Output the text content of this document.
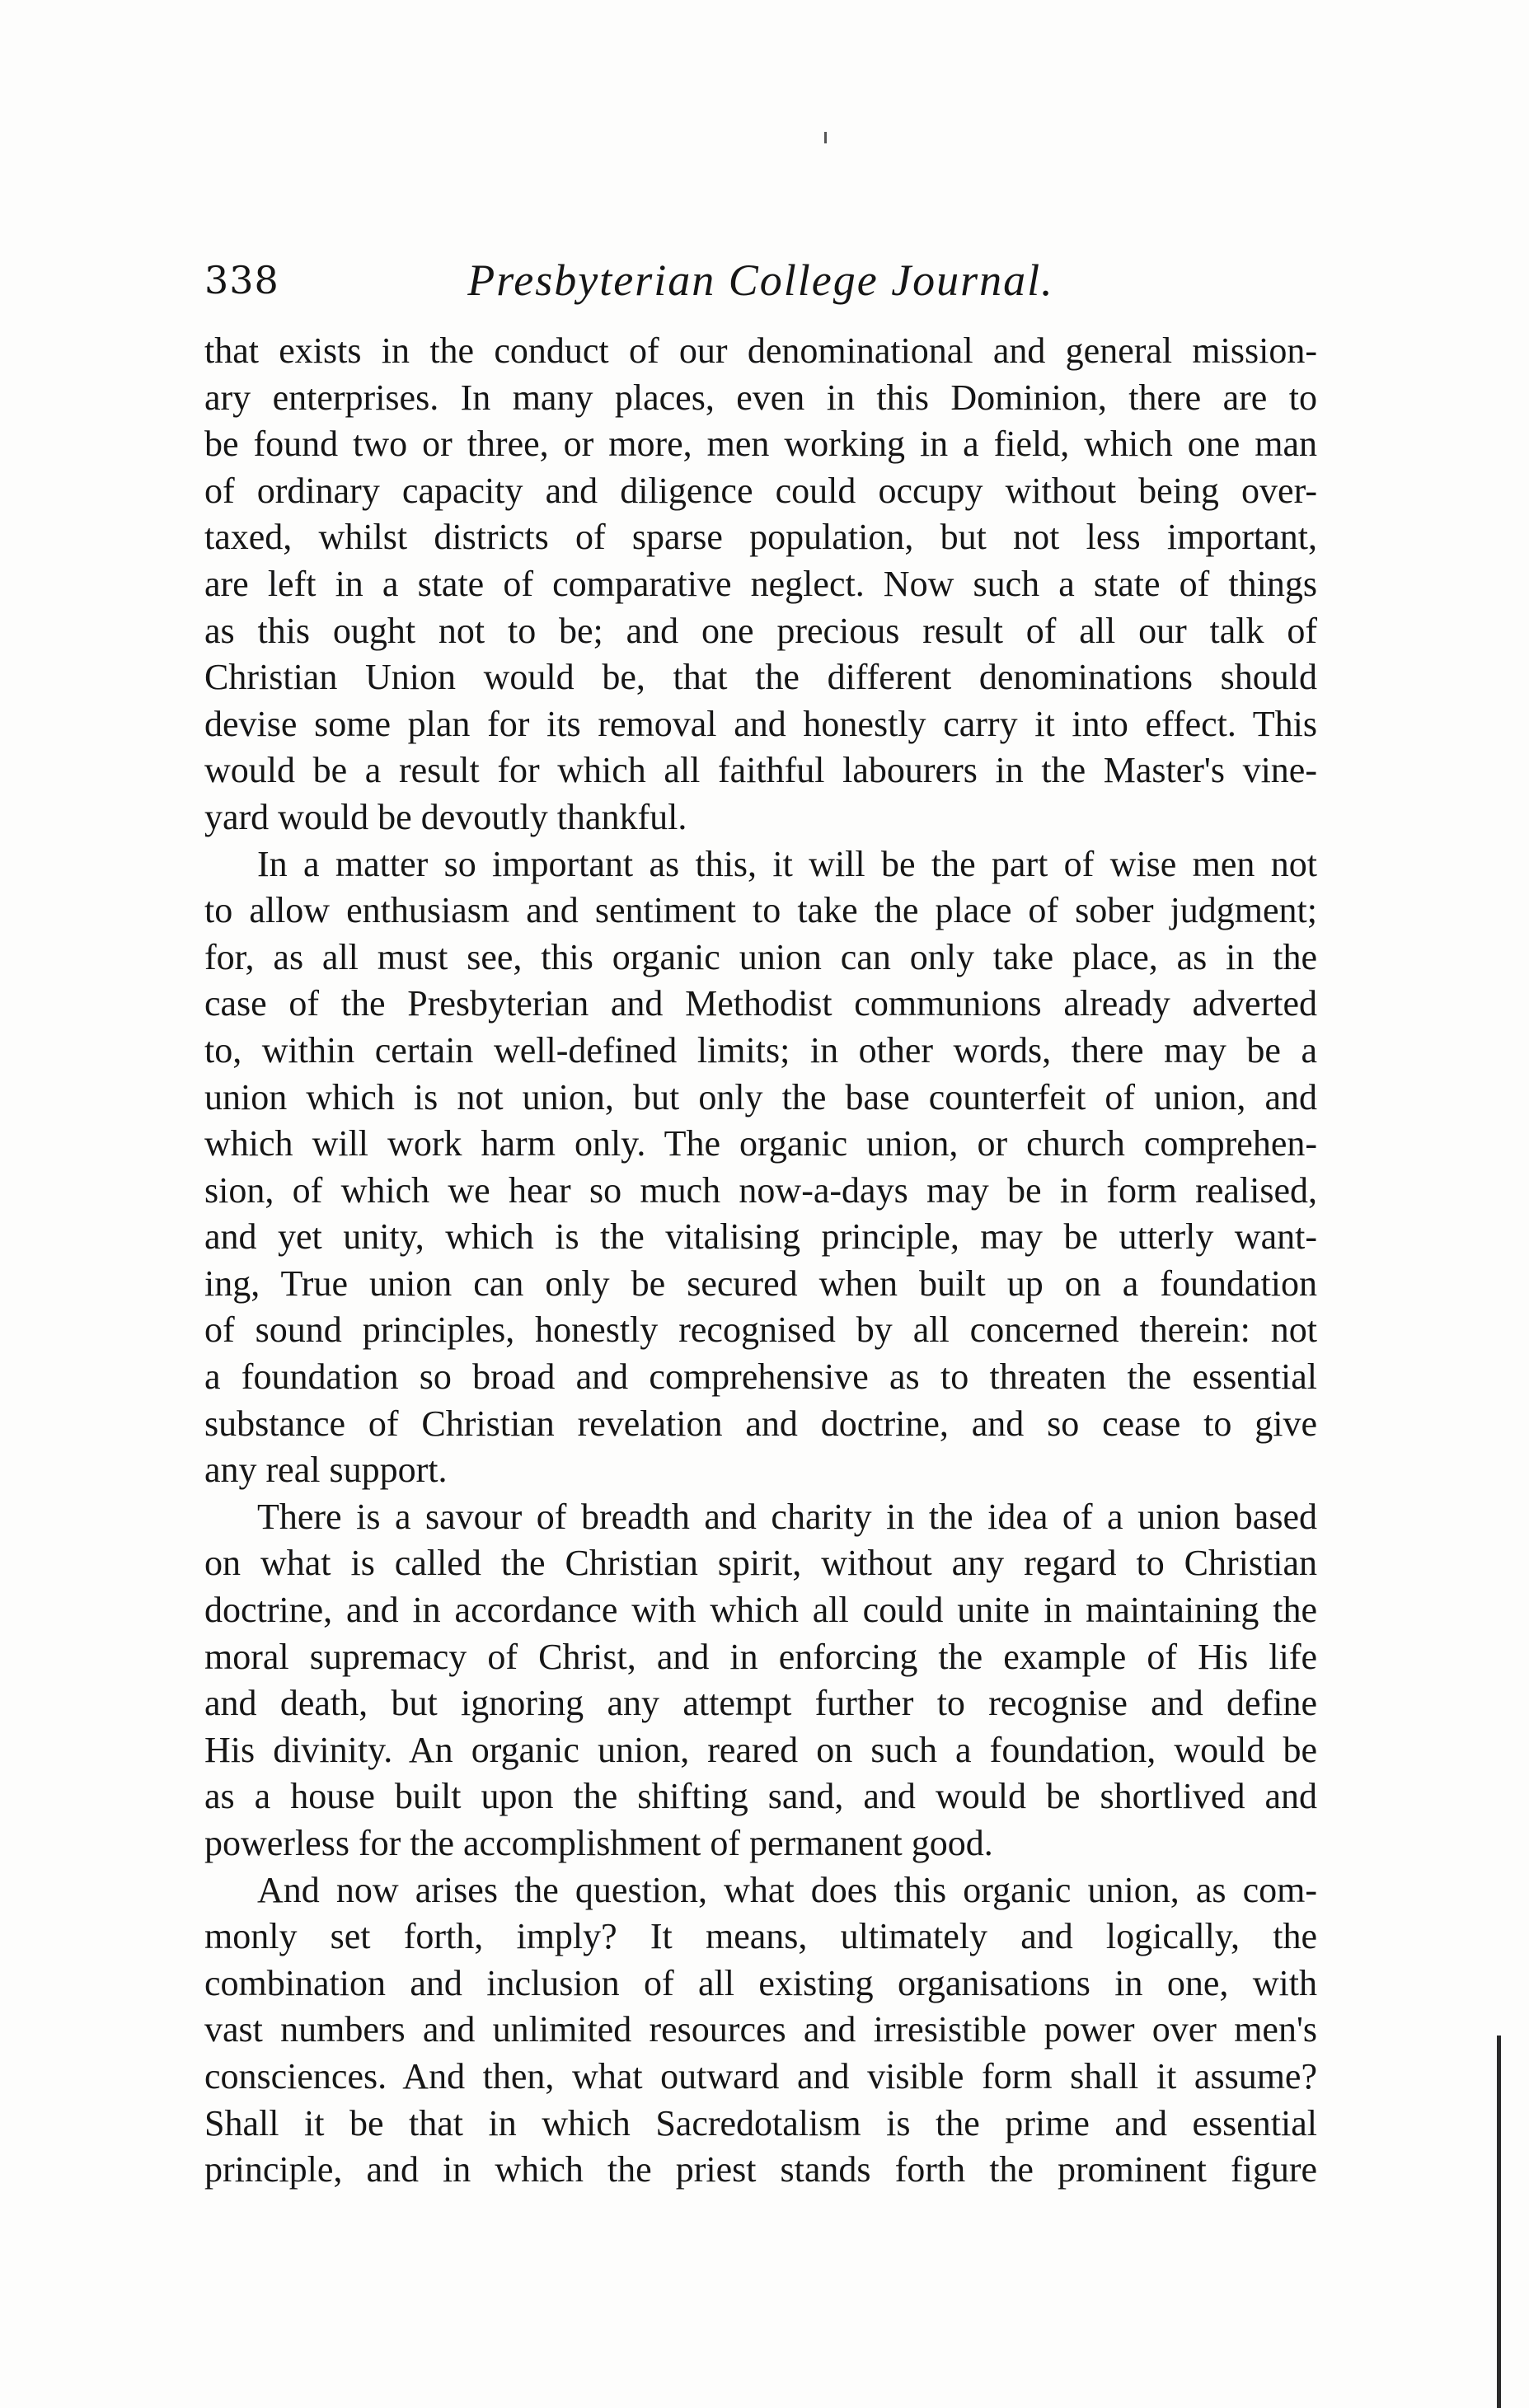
338	Presbyterian College Journal.
that exists in the conduct of our denominational and general mission-
ary enterprises. In many places, even in this Dominion, there are to
be found two or three, or more, men working in a field, which one man
of ordinary capacity and diligence could occupy without being over-
taxed, whilst districts of sparse population, but not less important,
are left in a state of comparative neglect. Now such a state of things
as this ought not to be; and one precious result of all our talk of
Christian Union would be, that the different denominations should
devise some plan for its removal and honestly carry it into effect. This
would be a result for which all faithful labourers in the Master's vine-
yard would be devoutly thankful.
In a matter so important as this, it will be the part of wise men not
to allow enthusiasm and sentiment to take the place of sober judgment;
for, as all must see, this organic union can only take place, as in the
case of the Presbyterian and Methodist communions already adverted
to, within certain well-defined limits; in other words, there may be a
union which is not union, but only the base counterfeit of union, and
which will work harm only. The organic union, or church comprehen-
sion, of which we hear so much now-a-days may be in form realised,
and yet unity, which is the vitalising principle, may be utterly want-
ing, True union can only be secured when built up on a foundation
of sound principles, honestly recognised by all concerned therein: not
a foundation so broad and comprehensive as to threaten the essential
substance of Christian revelation and doctrine, and so cease to give
any real support.
There is a savour of breadth and charity in the idea of a union based
on what is called the Christian spirit, without any regard to Christian
doctrine, and in accordance with which all could unite in maintaining the
moral supremacy of Christ, and in enforcing the example of His life
and death, but ignoring any attempt further to recognise and define
His divinity. An organic union, reared on such a foundation, would be
as a house built upon the shifting sand, and would be shortlived and
powerless for the accomplishment of permanent good.
And now arises the question, what does this organic union, as com-
monly set forth, imply? It means, ultimately and logically, the
combination and inclusion of all existing organisations in one, with
vast numbers and unlimited resources and irresistible power over men's
consciences. And then, what outward and visible form shall it assume?
Shall it be that in which Sacredotalism is the prime and essential
principle, and in which the priest stands forth the prominent figure
